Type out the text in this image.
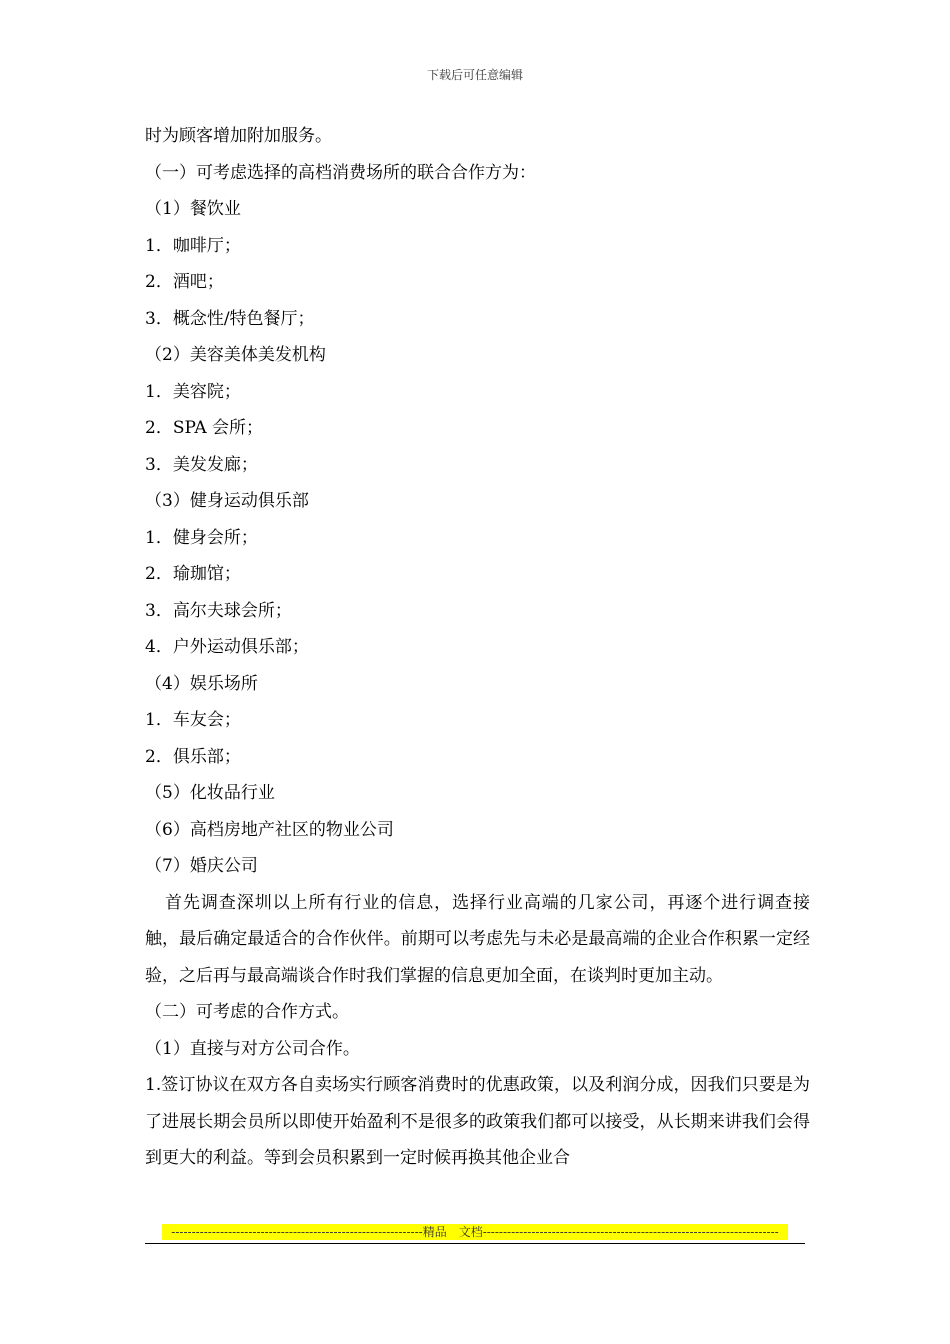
下载后可任意编辑
时为顾客增加附加服务。
（一）可考虑选择的高档消费场所的联合合作方为：
（1）餐饮业
1．咖啡厅；
2．酒吧；
3．概念性/特色餐厅；
（2）美容美体美发机构
1．美容院；
2．SPA 会所；
3．美发发廊；
（3）健身运动俱乐部
1．健身会所；
2．瑜珈馆；
3．高尔夫球会所；
4．户外运动俱乐部；
（4）娱乐场所
1．车友会；
2．俱乐部；
（5）化妆品行业
（6）高档房地产社区的物业公司
（7）婚庆公司
首先调查深圳以上所有行业的信息，选择行业高端的几家公司，再逐个进行调查接触，最后确定最适合的合作伙伴。前期可以考虑先与未必是最高端的企业合作积累一定经验，之后再与最高端谈合作时我们掌握的信息更加全面，在谈判时更加主动。
（二）可考虑的合作方式。
（1）直接与对方公司合作。
1.签订协议在双方各自卖场实行顾客消费时的优惠政策，以及利润分成，因我们只要是为了进展长期会员所以即使开始盈利不是很多的政策我们都可以接受，从长期来讲我们会得到更大的利益。等到会员积累到一定时候再换其他企业合
--------------------------------------------------------------精品　文档-------------------------------------------------------------------------
